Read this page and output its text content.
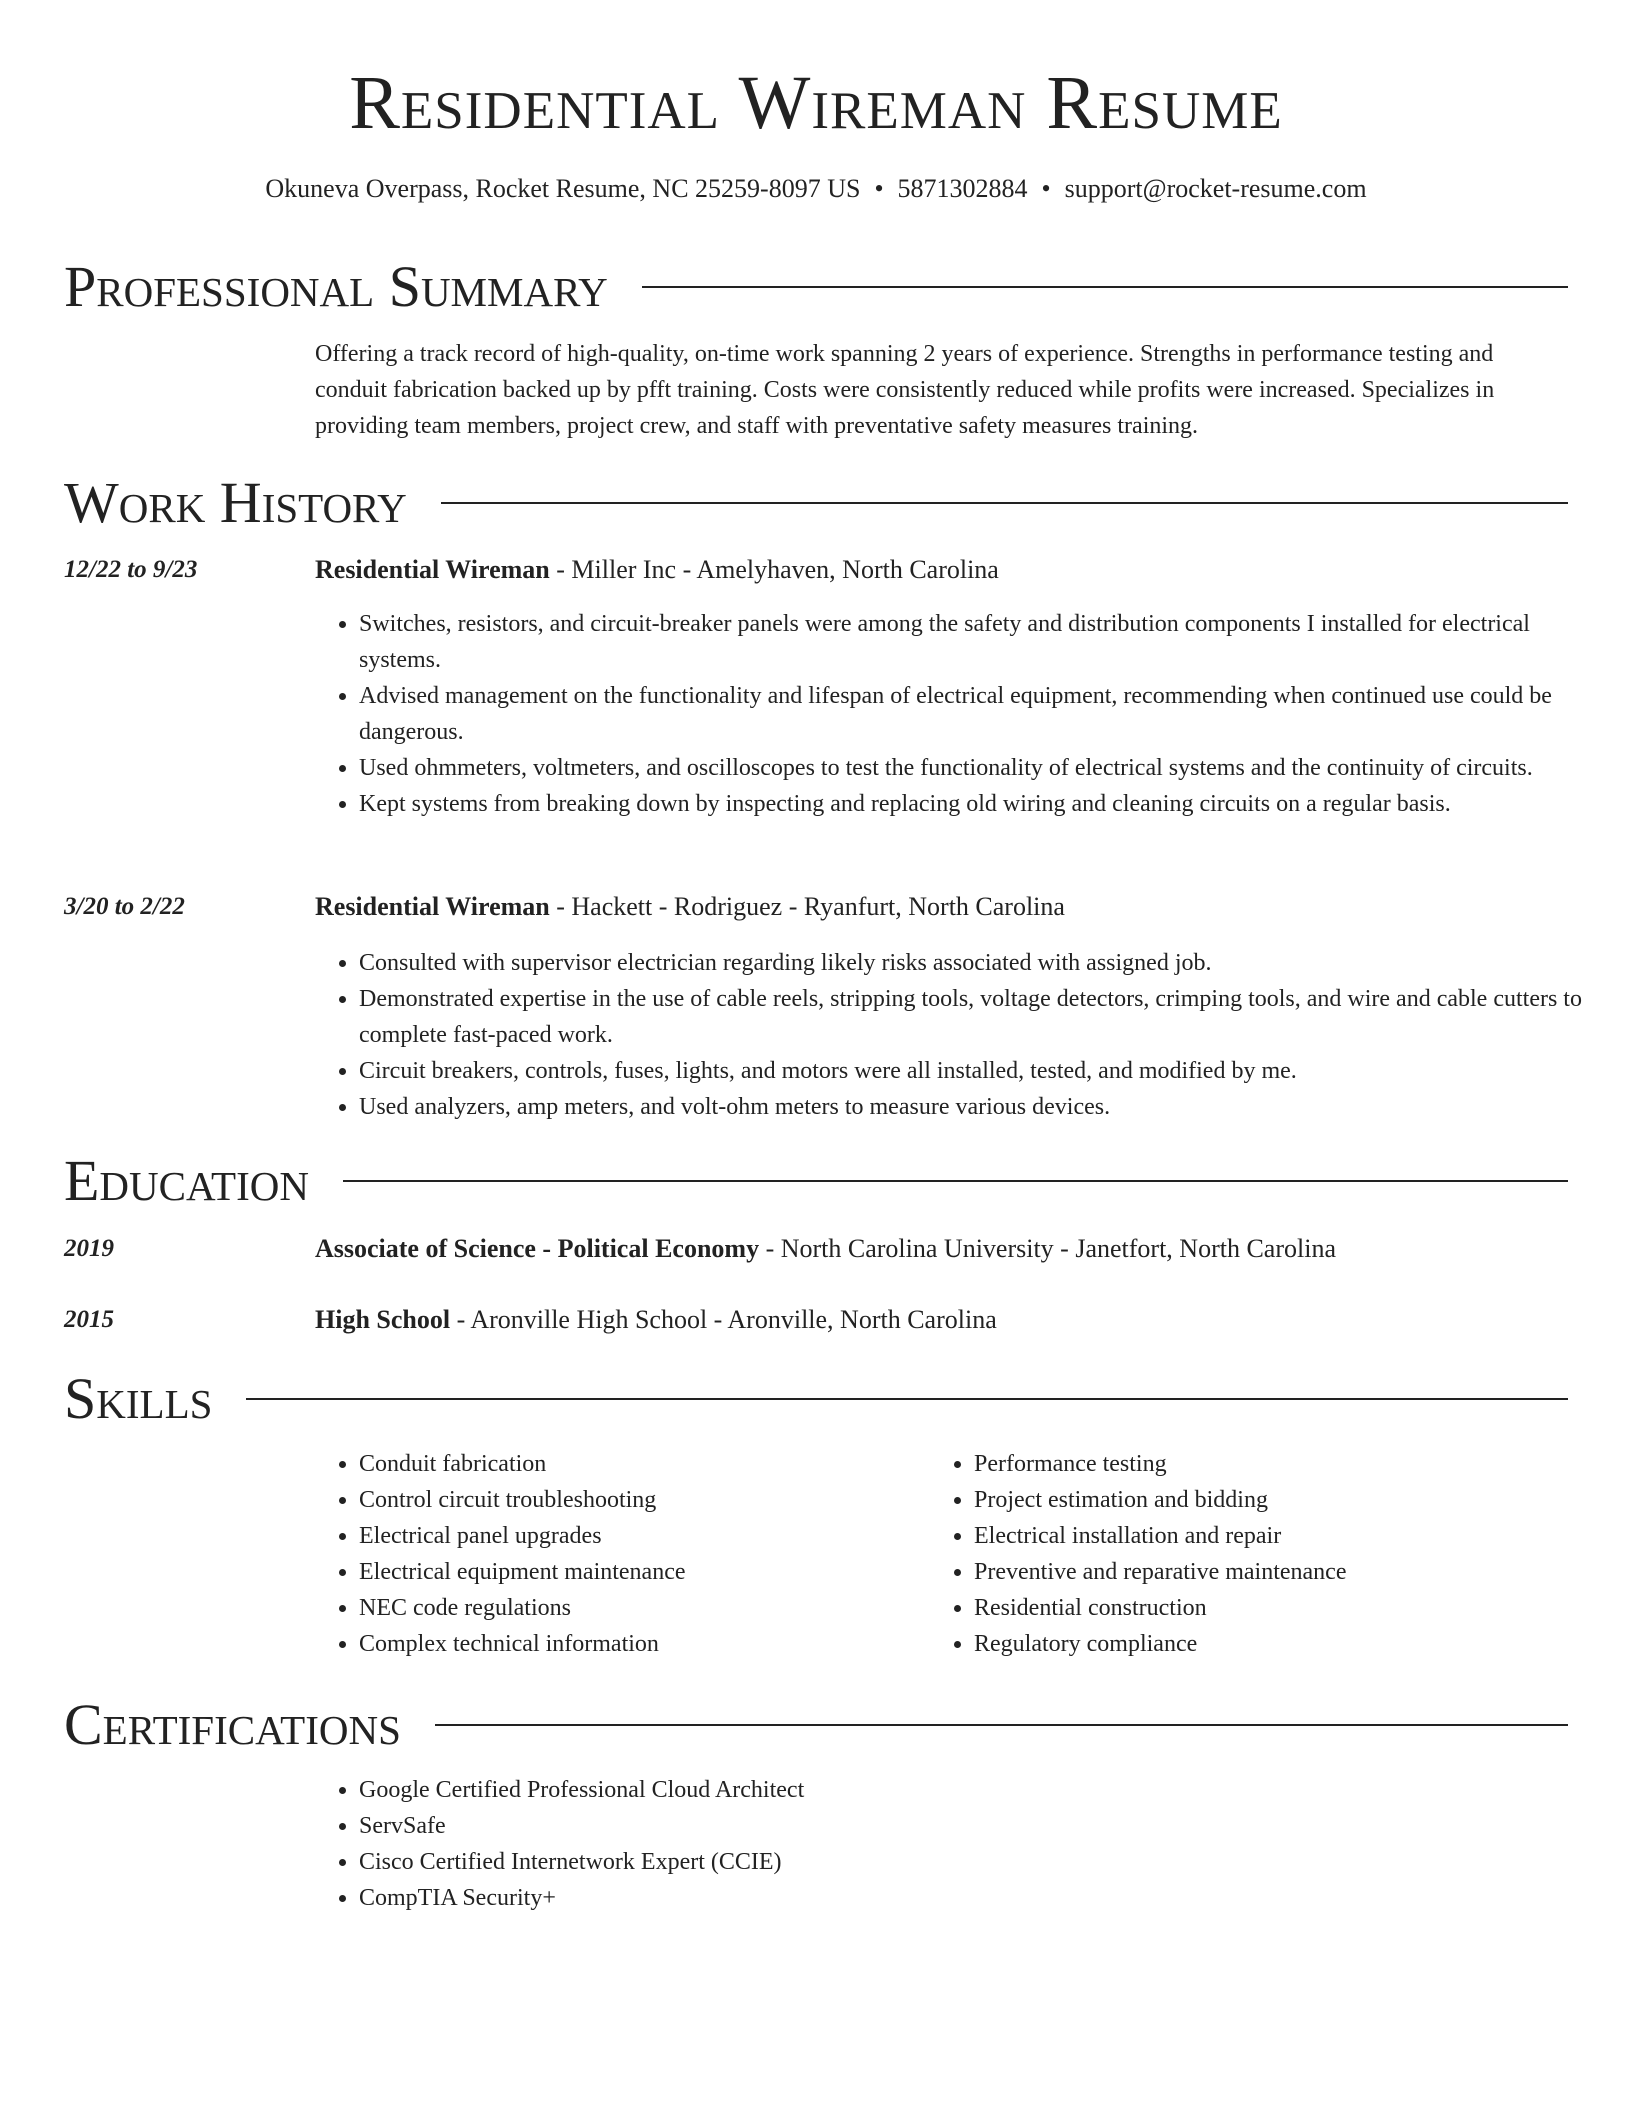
Residential Wireman Resume
Okuneva Overpass, Rocket Resume, NC 25259-8097 US • 5871302884 • support@rocket-resume.com
Professional Summary
Offering a track record of high-quality, on-time work spanning 2 years of experience. Strengths in performance testing and conduit fabrication backed up by pfft training. Costs were consistently reduced while profits were increased. Specializes in providing team members, project crew, and staff with preventative safety measures training.
Work History
12/22 to 9/23	Residential Wireman - Miller Inc - Amelyhaven, North Carolina
• Switches, resistors, and circuit-breaker panels were among the safety and distribution components I installed for electrical systems.
• Advised management on the functionality and lifespan of electrical equipment, recommending when continued use could be dangerous.
• Used ohmmeters, voltmeters, and oscilloscopes to test the functionality of electrical systems and the continuity of circuits.
• Kept systems from breaking down by inspecting and replacing old wiring and cleaning circuits on a regular basis.
3/20 to 2/22	Residential Wireman - Hackett - Rodriguez - Ryanfurt, North Carolina
• Consulted with supervisor electrician regarding likely risks associated with assigned job.
• Demonstrated expertise in the use of cable reels, stripping tools, voltage detectors, crimping tools, and wire and cable cutters to complete fast-paced work.
• Circuit breakers, controls, fuses, lights, and motors were all installed, tested, and modified by me.
• Used analyzers, amp meters, and volt-ohm meters to measure various devices.
Education
2019	Associate of Science - Political Economy - North Carolina University - Janetfort, North Carolina
2015	High School - Aronville High School - Aronville, North Carolina
Skills
• Conduit fabrication
• Control circuit troubleshooting
• Electrical panel upgrades
• Electrical equipment maintenance
• NEC code regulations
• Complex technical information
• Performance testing
• Project estimation and bidding
• Electrical installation and repair
• Preventive and reparative maintenance
• Residential construction
• Regulatory compliance
Certifications
• Google Certified Professional Cloud Architect
• ServSafe
• Cisco Certified Internetwork Expert (CCIE)
• CompTIA Security+
